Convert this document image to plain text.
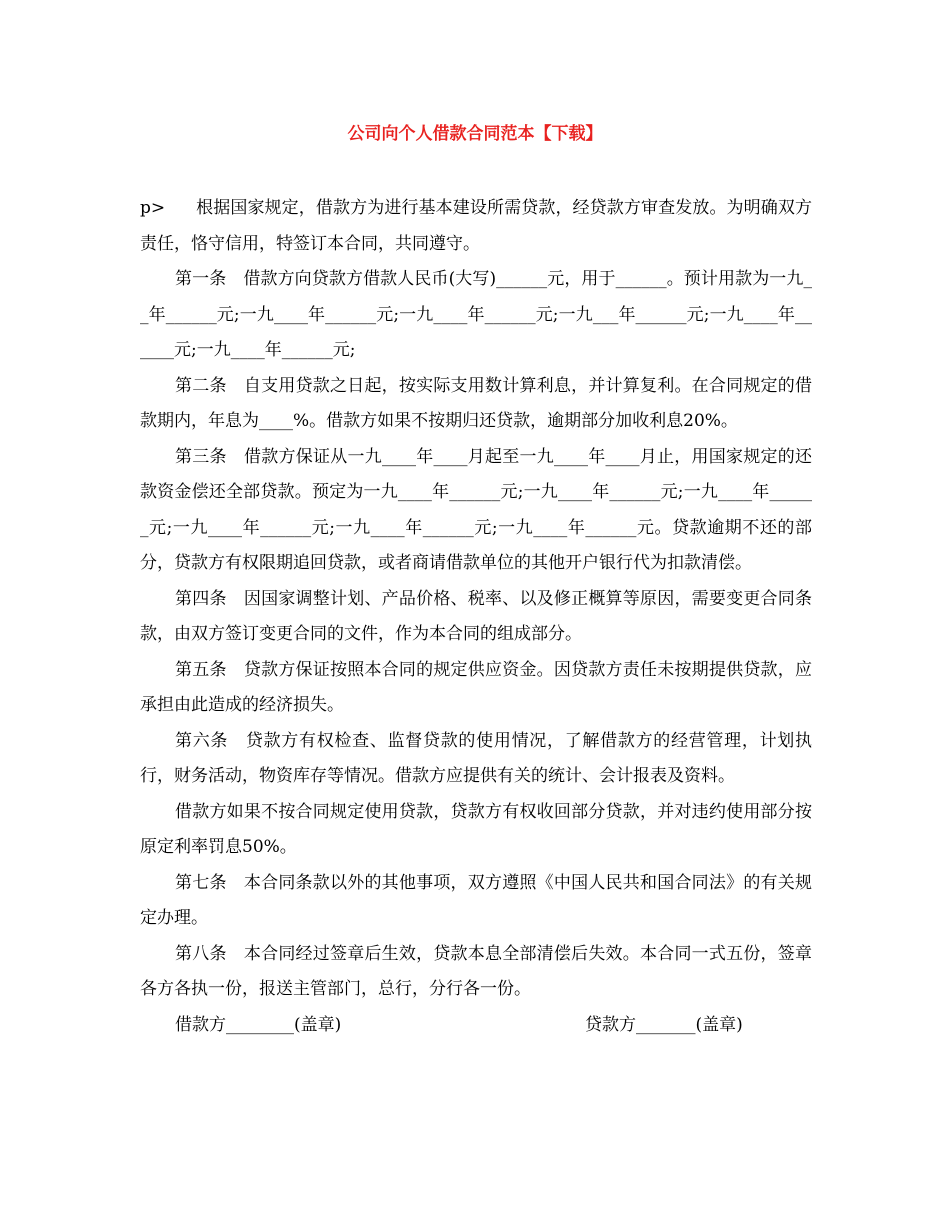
公司向个人借款合同范本【下载】

p> 根据国家规定，借款方为进行基本建设所需贷款，经贷款方审查发放。为明确双方责任，恪守信用，特签订本合同，共同遵守。

第一条　借款方向贷款方借款人民币(大写)______元，用于______。预计用款为一九__年______元;一九____年______元;一九____年______元;一九___年______元;一九____年______元;一九____年______元;

第二条　自支用贷款之日起，按实际支用数计算利息，并计算复利。在合同规定的借款期内，年息为____%。借款方如果不按期归还贷款，逾期部分加收利息20%。

第三条　借款方保证从一九____年____月起至一九____年____月止，用国家规定的还款资金偿还全部贷款。预定为一九____年______元;一九____年______元;一九____年______元;一九____年______元;一九____年______元;一九____年______元。贷款逾期不还的部分，贷款方有权限期追回贷款，或者商请借款单位的其他开户银行代为扣款清偿。

第四条　因国家调整计划、产品价格、税率、以及修正概算等原因，需要变更合同条款，由双方签订变更合同的文件，作为本合同的组成部分。

第五条　贷款方保证按照本合同的规定供应资金。因贷款方责任未按期提供贷款，应承担由此造成的经济损失。

第六条　贷款方有权检查、监督贷款的使用情况，了解借款方的经营管理，计划执行，财务活动，物资库存等情况。借款方应提供有关的统计、会计报表及资料。

借款方如果不按合同规定使用贷款，贷款方有权收回部分贷款，并对违约使用部分按原定利率罚息50%。

第七条　本合同条款以外的其他事项，双方遵照《中国人民共和国合同法》的有关规定办理。

第八条　本合同经过签章后生效，贷款本息全部清偿后失效。本合同一式五份，签章各方各执一份，报送主管部门，总行，分行各一份。

借款方________(盖章)	贷款方_______(盖章)
